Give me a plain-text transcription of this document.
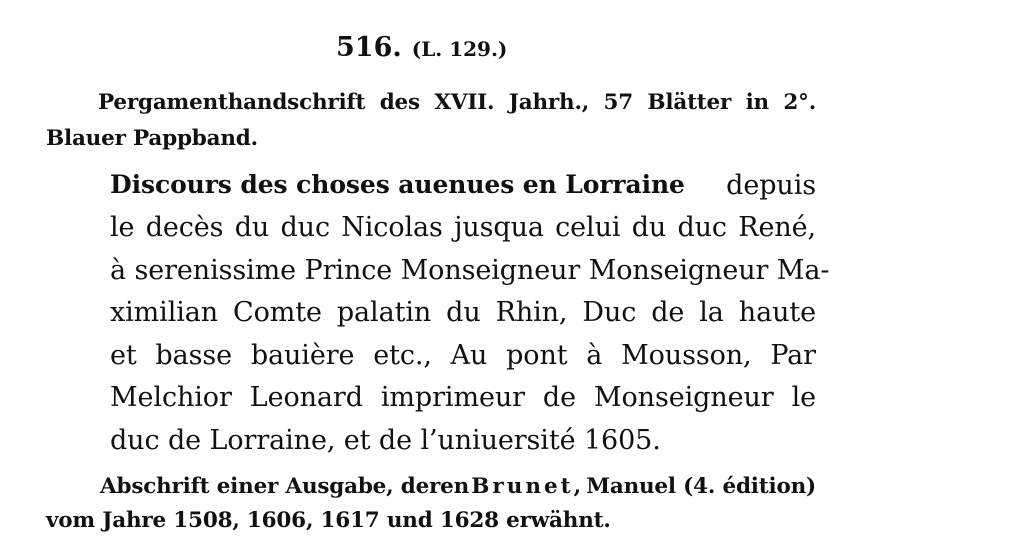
516. (L. 129.)
Pergamenthandschrift des XVII. Jahrh., 57 Blätter in 2°.
Blauer Pappband.
Discours des choses auenues en Lorraine depuis
le decès du duc Nicolas jusqua celui du duc René,
à serenissime Prince Monseigneur Monseigneur Ma-
ximilian Comte palatin du Rhin, Duc de la haute
et basse bauière etc., Au pont à Mousson, Par
Melchior Leonard imprimeur de Monseigneur le
duc de Lorraine, et de l’uniuersité 1605.
Abschrift einer Ausgabe, deren Brunet, Manuel (4. édition)
vom Jahre 1508, 1606, 1617 und 1628 erwähnt.
